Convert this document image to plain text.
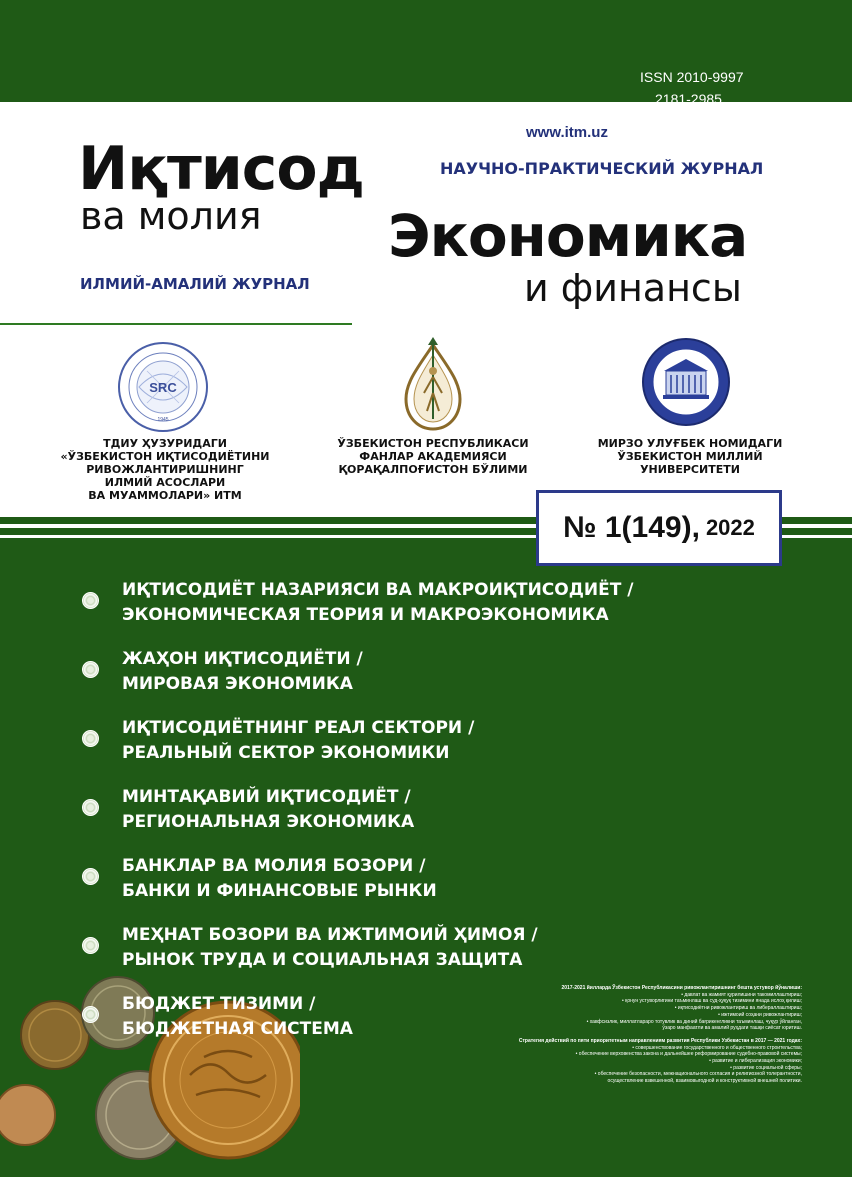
ISSN 2010-9997
2181-2985
www.itm.uz
Иқтисод
ва молия
ИЛМИЙ-АМАЛИЙ ЖУРНАЛ
НАУЧНО-ПРАКТИЧЕСКИЙ ЖУРНАЛ
Экономика
и финансы
SRC
1945
ТДИУ ҲУЗУРИДАГИ
«ЎЗБЕКИСТОН ИҚТИСОДИЁТИНИ
РИВОЖЛАНТИРИШНИНГ
ИЛМИЙ АСОСЛАРИ
ВА МУАММОЛАРИ» ИТМ
ЎЗБЕКИСТОН РЕСПУБЛИКАСИ
ФАНЛАР АКАДЕМИЯСИ
ҚОРАҚАЛПОҒИСТОН БЎЛИМИ
МИРЗО УЛУҒБЕК НОМИДАГИ
ЎЗБЕКИСТОН МИЛЛИЙ
УНИВЕРСИТЕТИ
№ 1(149), 2022
ИҚТИСОДИЁТ НАЗАРИЯСИ ВА МАКРОИҚТИСОДИЁТ /
ЭКОНОМИЧЕСКАЯ ТЕОРИЯ И МАКРОЭКОНОМИКА
ЖАҲОН ИҚТИСОДИЁТИ /
МИРОВАЯ ЭКОНОМИКА
ИҚТИСОДИЁТНИНГ РЕАЛ СЕКТОРИ /
РЕАЛЬНЫЙ СЕКТОР ЭКОНОМИКИ
МИНТАҚАВИЙ ИҚТИСОДИЁТ /
РЕГИОНАЛЬНАЯ ЭКОНОМИКА
БАНКЛАР ВА МОЛИЯ БОЗОРИ /
БАНКИ И ФИНАНСОВЫЕ РЫНКИ
МЕҲНАТ БОЗОРИ ВА ИЖТИМОИЙ ҲИМОЯ /
РЫНОК ТРУДА И СОЦИАЛЬНАЯ ЗАЩИТА
БЮДЖЕТ ТИЗИМИ /
БЮДЖЕТНАЯ СИСТЕМА
2017-2021 йилларда Ўзбекистон Республикасини ривожлантиришнинг бешта устувор йўналиши:
• давлат ва жамият қурилишини такомиллаштириш;
• қонун устуворлигини таъминлаш ва суд-ҳуқуқ тизимини янада ислоҳ қилиш;
• иқтисодиётни ривожлантириш ва либераллаштириш;
• ижтимоий соҳани ривожлантириш;
• хавфсизлик, миллатлараро тотувлик ва диний бағрикенгликни таъминлаш, чуқур ўйланган,
ўзаро манфаатли ва амалий руҳдаги ташқи сиёсат юритиш.
Стратегия действий по пяти приоритетным направлениям развития Республики Узбекистан в 2017 — 2021 годах:
• совершенствование государственного и общественного строительства;
• обеспечение верховенства закона и дальнейшее реформирование судебно-правовой системы;
• развитие и либерализация экономики;
• развитие социальной сферы;
• обеспечение безопасности, межнационального согласия и религиозной толерантности,
осуществление взвешенной, взаимовыгодной и конструктивной внешней политики.
